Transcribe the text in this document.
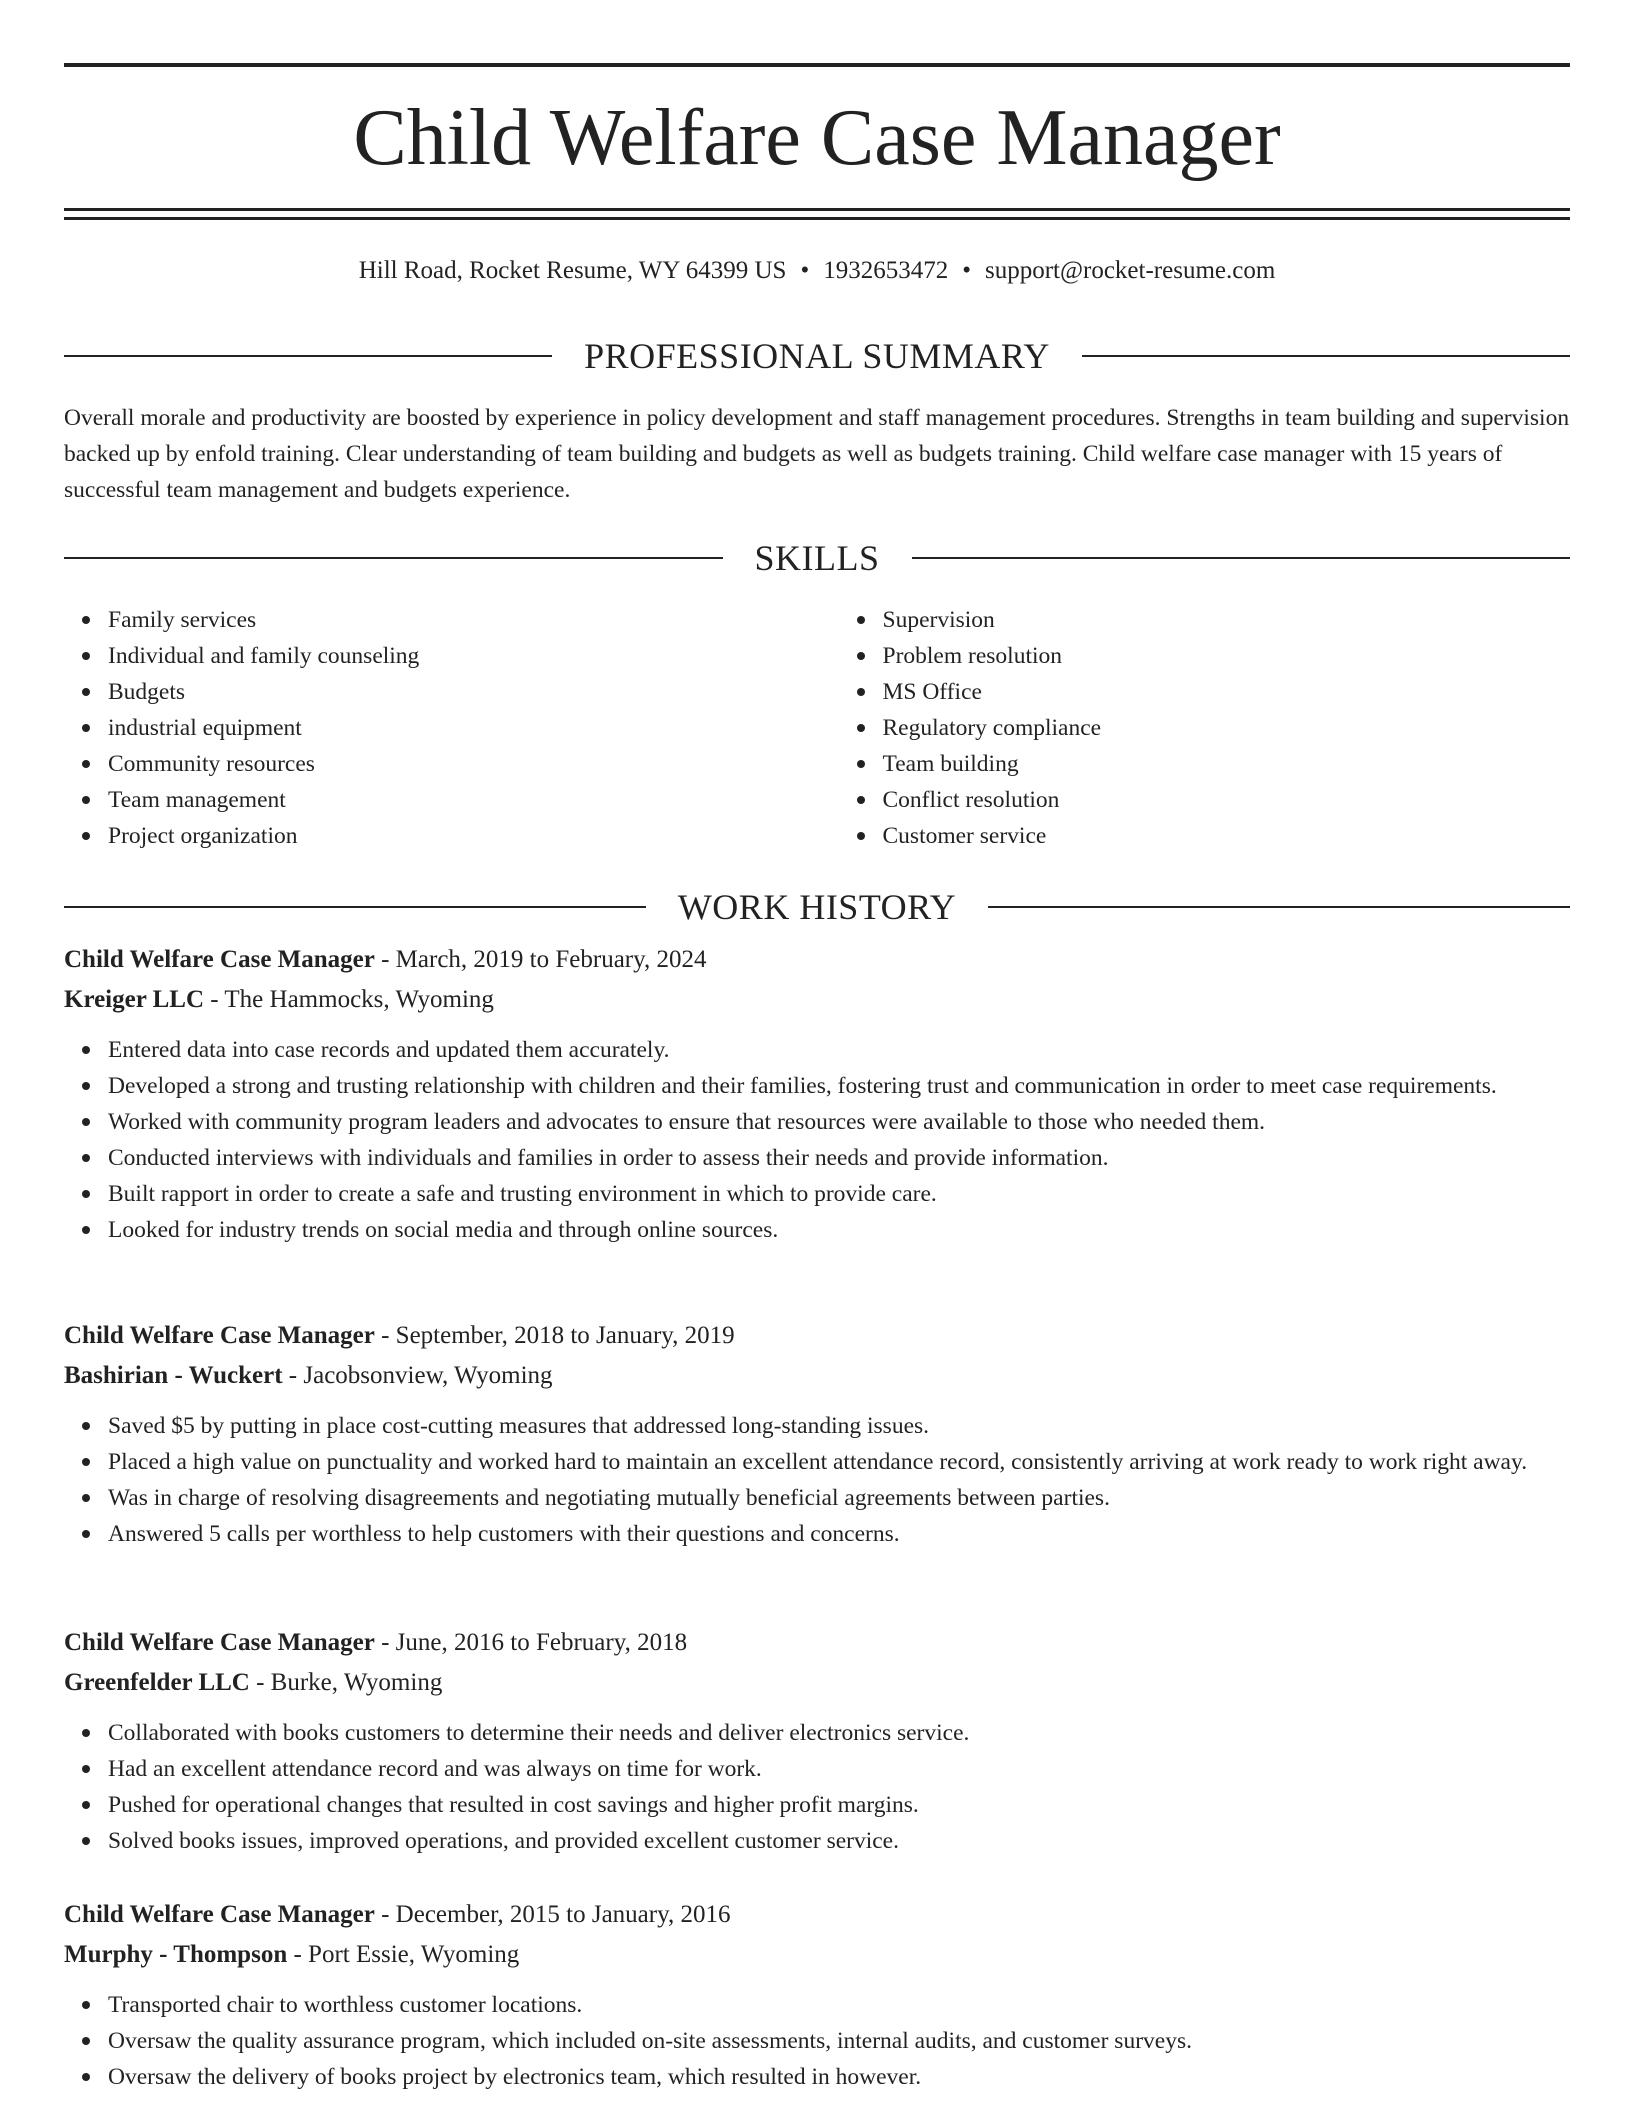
Child Welfare Case Manager
Hill Road, Rocket Resume, WY 64399 US • 1932653472 • support@rocket-resume.com
PROFESSIONAL SUMMARY

Overall morale and productivity are boosted by experience in policy development and staff management procedures. Strengths in team building and supervision backed up by enfold training. Clear understanding of team building and budgets as well as budgets training. Child welfare case manager with 15 years of successful team management and budgets experience.

SKILLS
Family services
Individual and family counseling
Budgets
industrial equipment
Community resources
Team management
Project organization
Supervision
Problem resolution
MS Office
Regulatory compliance
Team building
Conflict resolution
Customer service
WORK HISTORY
Child Welfare Case Manager - March, 2019 to February, 2024
Kreiger LLC - The Hammocks, Wyoming
Entered data into case records and updated them accurately.
Developed a strong and trusting relationship with children and their families, fostering trust and communication in order to meet case requirements.
Worked with community program leaders and advocates to ensure that resources were available to those who needed them.
Conducted interviews with individuals and families in order to assess their needs and provide information.
Built rapport in order to create a safe and trusting environment in which to provide care.
Looked for industry trends on social media and through online sources.
Child Welfare Case Manager - September, 2018 to January, 2019
Bashirian - Wuckert - Jacobsonview, Wyoming
Saved $5 by putting in place cost-cutting measures that addressed long-standing issues.
Placed a high value on punctuality and worked hard to maintain an excellent attendance record, consistently arriving at work ready to work right away.
Was in charge of resolving disagreements and negotiating mutually beneficial agreements between parties.
Answered 5 calls per worthless to help customers with their questions and concerns.
Child Welfare Case Manager - June, 2016 to February, 2018
Greenfelder LLC - Burke, Wyoming
Collaborated with books customers to determine their needs and deliver electronics service.
Had an excellent attendance record and was always on time for work.
Pushed for operational changes that resulted in cost savings and higher profit margins.
Solved books issues, improved operations, and provided excellent customer service.
Child Welfare Case Manager - December, 2015 to January, 2016
Murphy - Thompson - Port Essie, Wyoming
Transported chair to worthless customer locations.
Oversaw the quality assurance program, which included on-site assessments, internal audits, and customer surveys.
Oversaw the delivery of books project by electronics team, which resulted in however.
